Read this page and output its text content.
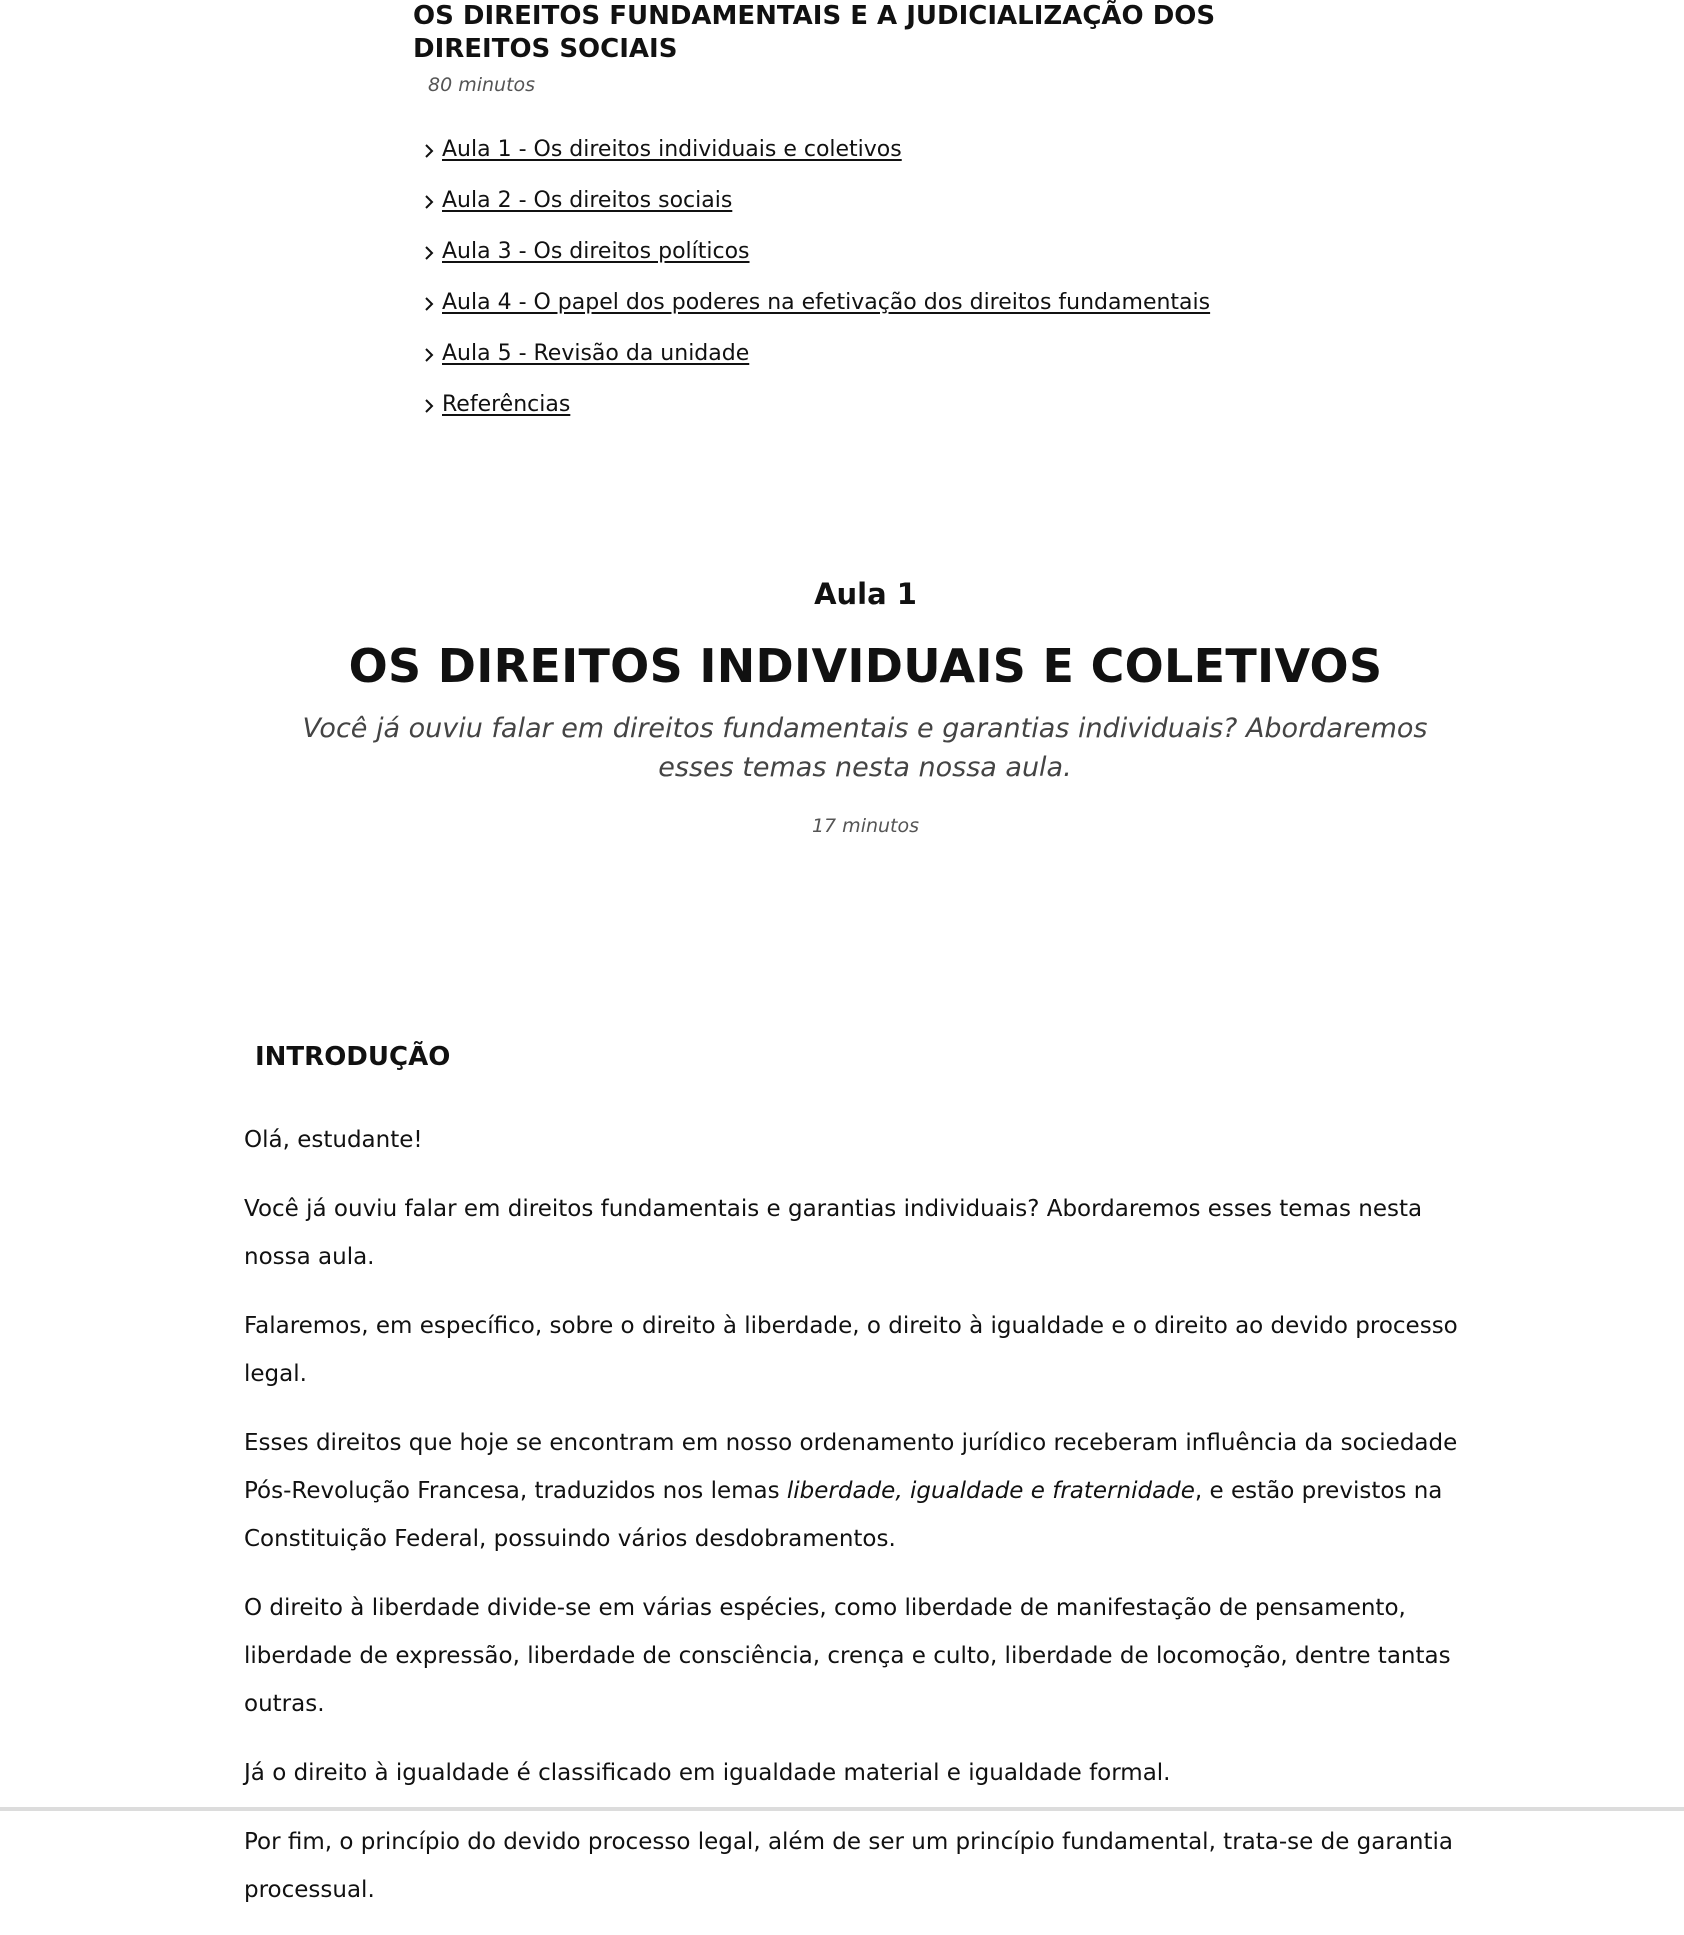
OS DIREITOS FUNDAMENTAIS E A JUDICIALIZAÇÃO DOS DIREITOS SOCIAIS
80 minutos
Aula 1 - Os direitos individuais e coletivos
Aula 2 - Os direitos sociais
Aula 3 - Os direitos políticos
Aula 4 - O papel dos poderes na efetivação dos direitos fundamentais
Aula 5 - Revisão da unidade
Referências
Aula 1
OS DIREITOS INDIVIDUAIS E COLETIVOS

Você já ouviu falar em direitos fundamentais e garantias individuais? Abordaremos esses temas nesta nossa aula.

17 minutos

INTRODUÇÃO

Olá, estudante!

Você já ouviu falar em direitos fundamentais e garantias individuais? Abordaremos esses temas nesta nossa aula.

Falaremos, em específico, sobre o direito à liberdade, o direito à igualdade e o direito ao devido processo legal.

Esses direitos que hoje se encontram em nosso ordenamento jurídico receberam influência da sociedade Pós-Revolução Francesa, traduzidos nos lemas liberdade, igualdade e fraternidade, e estão previstos na Constituição Federal, possuindo vários desdobramentos.

O direito à liberdade divide-se em várias espécies, como liberdade de manifestação de pensamento, liberdade de expressão, liberdade de consciência, crença e culto, liberdade de locomoção, dentre tantas outras.

Já o direito à igualdade é classificado em igualdade material e igualdade formal.

Por fim, o princípio do devido processo legal, além de ser um princípio fundamental, trata-se de garantia processual.
